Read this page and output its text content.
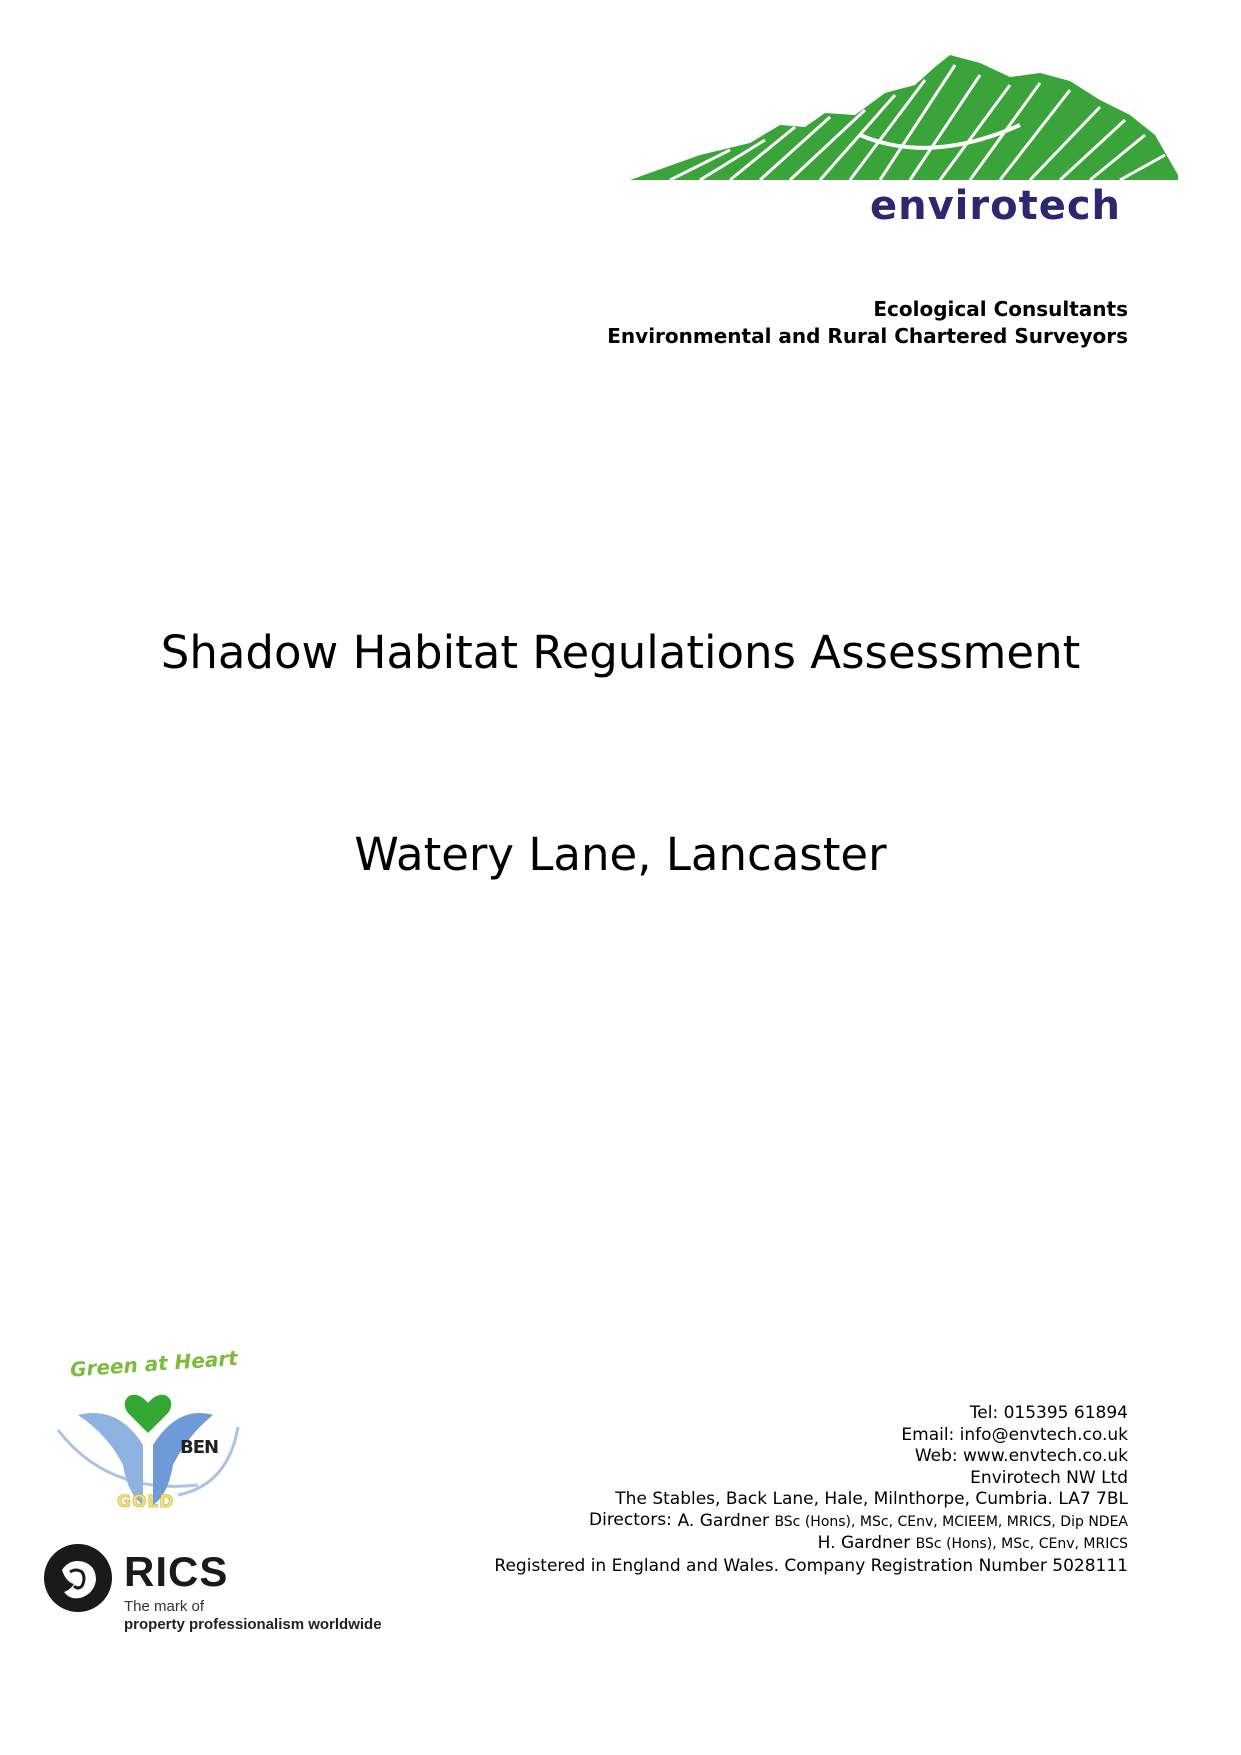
envirotech
Ecological Consultants
Environmental and Rural Chartered Surveyors
Shadow Habitat Regulations Assessment
Watery Lane, Lancaster
Green at Heart
BEN
GOLD
RICS
The mark of
property professionalism worldwide
Directors:
Tel: 015395 61894
Email: info@envtech.co.uk
Web: www.envtech.co.uk
Envirotech NW Ltd
The Stables, Back Lane, Hale, Milnthorpe, Cumbria. LA7 7BL
A. Gardner BSc (Hons), MSc, CEnv, MCIEEM, MRICS, Dip NDEA
H. Gardner BSc (Hons), MSc, CEnv, MRICS
Registered in England and Wales. Company Registration Number 5028111
